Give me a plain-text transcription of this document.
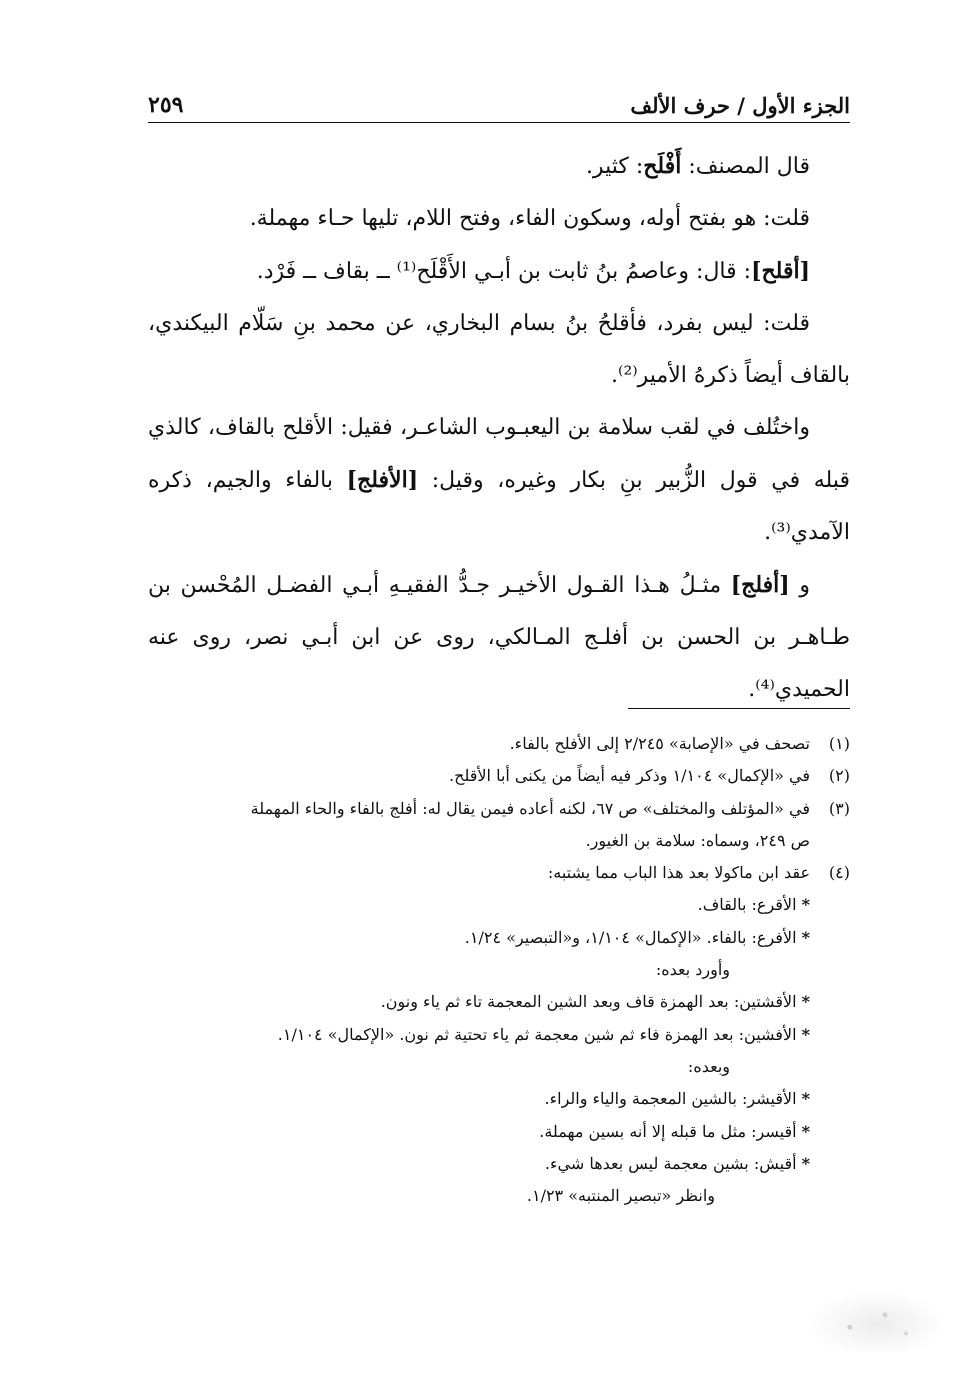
الجزء الأول / حرف الألف
٢٥٩

قال المصنف: أَفْلَح: كثير.

قلت: هو بفتح أوله، وسكون الفاء، وفتح اللام، تليها حـاء مهملة.

[أقلح]: قال: وعاصمُ بنُ ثابت بن أبـي الأَقْلَح⁽¹⁾ ــ بقاف ــ فَرْد.

قلت: ليس بفرد، فأقلحُ بنُ بسام البخاري، عن محمد بنِ سَلّام البيكندي، بالقاف أيضاً ذكرهُ الأمير⁽²⁾.

واختُلف في لقب سلامة بن اليعبـوب الشاعـر، فقيل: الأقلح بالقاف، كالذي قبله في قول الزُّبير بنِ بكار وغيره، وقيل: [الأفلج] بالفاء والجيم، ذكره الآمدي⁽³⁾.

و [أفلج] مثـلُ هـذا القـول الأخيـر جـدُّ الفقيـهِ أبـي الفضـل المُحْسن بن طـاهـر بن الحسن بن أفلـج المـالكي، روى عن ابن أبـي نصر، روى عنه الحميدي⁽⁴⁾.

(١)
تصحف في «الإصابة» ٢/٢٤٥ إلى الأفلح بالفاء.
(٢)
في «الإكمال» ١/١٠٤ وذكر فيه أيضاً من يكنى أبا الأقلح.
(٣)
في «المؤتلف والمختلف» ص ٦٧، لكنه أعاده فيمن يقال له: أفلج بالفاء والحاء المهملة
ص ٢٤٩، وسماه: سلامة بن الغيور.
(٤)
عقد ابن ماكولا بعد هذا الباب مما يشتبه:
* الأقرع: بالقاف.
* الأفرع: بالفاء. «الإكمال» ١/١٠٤، و«التبصير» ١/٢٤.
وأورد بعده:
* الأقشتين: بعد الهمزة قاف وبعد الشين المعجمة تاء ثم ياء ونون.
* الأفشين: بعد الهمزة فاء ثم شين معجمة ثم ياء تحتية ثم نون. «الإكمال» ١/١٠٤.
وبعده:
* الأقيشر: بالشين المعجمة والياء والراء.
* أقيسر: مثل ما قبله إلا أنه بسين مهملة.
* أقيش: بشين معجمة ليس بعدها شيء.
وانظر «تبصير المنتبه» ١/٢٣.
